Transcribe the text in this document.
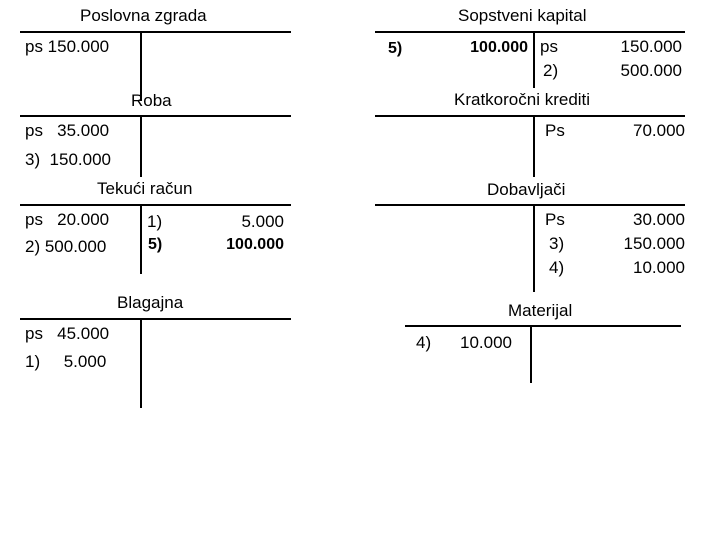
Poslovna zgrada
ps 150.000
Roba
ps   35.000
3)  150.000
Tekući račun
ps   20.000
2) 500.000
1)
5)
5.000
100.000
Blagajna
ps   45.000
1)     5.000
Sopstveni kapital
5)	100.000 ps
2)
150.000
500.000
Kratkoročni krediti
Ps	70.000
Dobavljači
Ps
3)
4)
30.000
150.000
10.000
Materijal
4) 10.000
